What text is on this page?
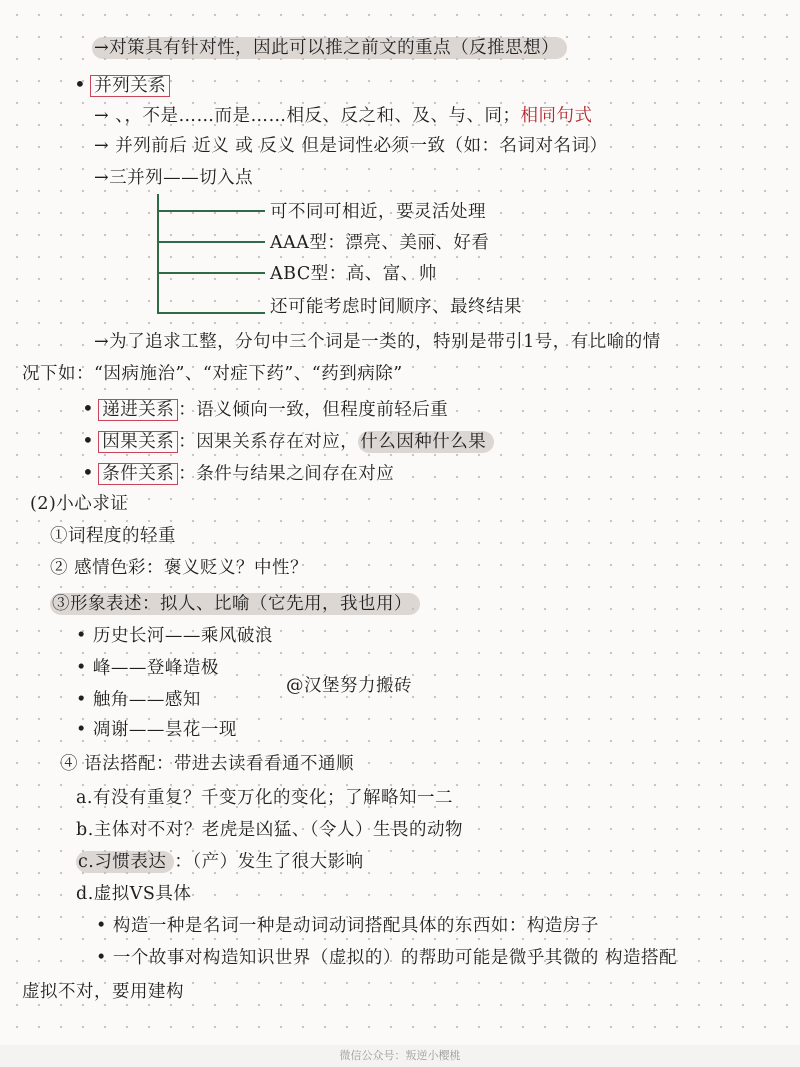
→对策具有针对性，因此可以推之前文的重点（反推思想）
• 并列关系
→ 、，不是……而是……相反、反之和、及、与、同；相同句式
→ 并列前后 近义 或 反义 但是词性必须一致（如：名词对名词）
→三并列——切入点
可不同可相近，要灵活处理
AAA型：漂亮、美丽、好看
ABC型：高、富、帅
还可能考虑时间顺序、最终结果
→为了追求工整，分句中三个词是一类的，特别是带引1号，有比喻的情
况下如：“因病施治”、“对症下药”、“药到病除”
• 递进关系 ：语义倾向一致，但程度前轻后重
• 因果关系 ：因果关系存在对应， 什么因种什么果
• 条件关系 ：条件与结果之间存在对应
(2)小心求证
①词程度的轻重
② 感情色彩：褒义贬义？中性？
③形象表述：拟人、比喻（它先用，我也用）
• 历史长河——乘风破浪
• 峰——登峰造极
• 触角——感知
@汉堡努力搬砖
• 凋谢——昙花一现
④ 语法搭配：带进去读看看通不通顺
a.有没有重复？千变万化的变化；了解略知一二
b.主体对不对？老虎是凶猛、（令人）生畏的动物
c.习惯表达 ：（产）发生了很大影响
d.虚拟VS具体
• 构造一种是名词一种是动词动词搭配具体的东西如：构造房子
• 一个故事对构造知识世界（虚拟的）的帮助可能是微乎其微的 构造搭配
虚拟不对，要用建构
微信公众号：叛逆小樱桃
